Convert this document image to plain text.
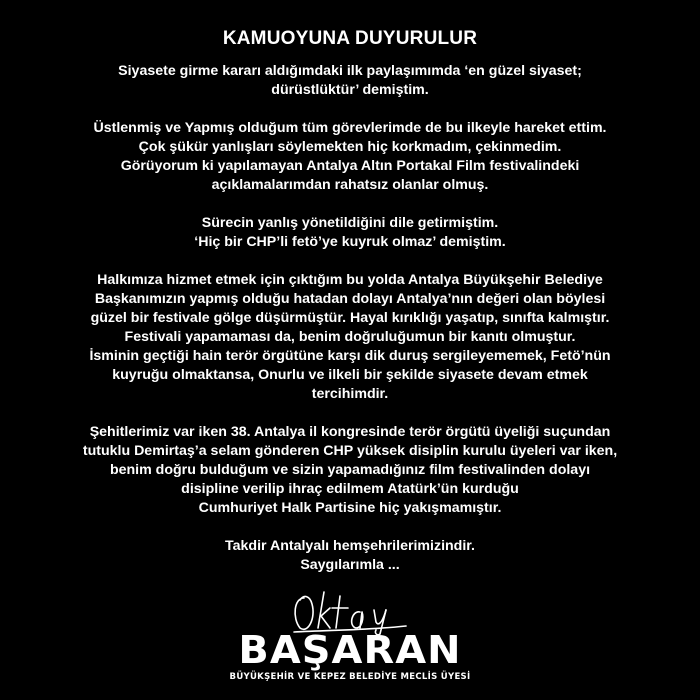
KAMUOYUNA DUYURULUR

Siyasete girme kararı aldığımdaki ilk paylaşımımda ‘en güzel siyaset;
dürüstlüktür’ demiştim.

Üstlenmiş ve Yapmış olduğum tüm görevlerimde de bu ilkeyle hareket ettim.
Çok şükür yanlışları söylemekten hiç korkmadım, çekinmedim.
Görüyorum ki yapılamayan Antalya Altın Portakal Film festivalindeki
açıklamalarımdan rahatsız olanlar olmuş.

Sürecin yanlış yönetildiğini dile getirmiştim.
‘Hiç bir CHP’li fetö’ye kuyruk olmaz’ demiştim.

Halkımıza hizmet etmek için çıktığım bu yolda Antalya Büyükşehir Belediye
Başkanımızın yapmış olduğu hatadan dolayı Antalya’nın değeri olan böylesi
güzel bir festivale gölge düşürmüştür. Hayal kırıklığı yaşatıp, sınıfta kalmıştır.
Festivali yapamaması da, benim doğruluğumun bir kanıtı olmuştur.
İsminin geçtiği hain terör örgütüne karşı dik duruş sergileyememek, Fetö’nün
kuyruğu olmaktansa, Onurlu ve ilkeli bir şekilde siyasete devam etmek
tercihimdir.

Şehitlerimiz var iken 38. Antalya il kongresinde terör örgütü üyeliği suçundan
tutuklu Demirtaş’a selam gönderen CHP yüksek disiplin kurulu üyeleri var iken,
benim doğru bulduğum ve sizin yapamadığınız film festivalinden dolayı
disipline verilip ihraç edilmem Atatürk’ün kurduğu
Cumhuriyet Halk Partisine hiç yakışmamıştır.

Takdir Antalyalı hemşehrilerimizindir.
Saygılarımla ...

BAŞARAN
BÜYÜKŞEHİR VE KEPEZ BELEDİYE MECLİS ÜYESİ
